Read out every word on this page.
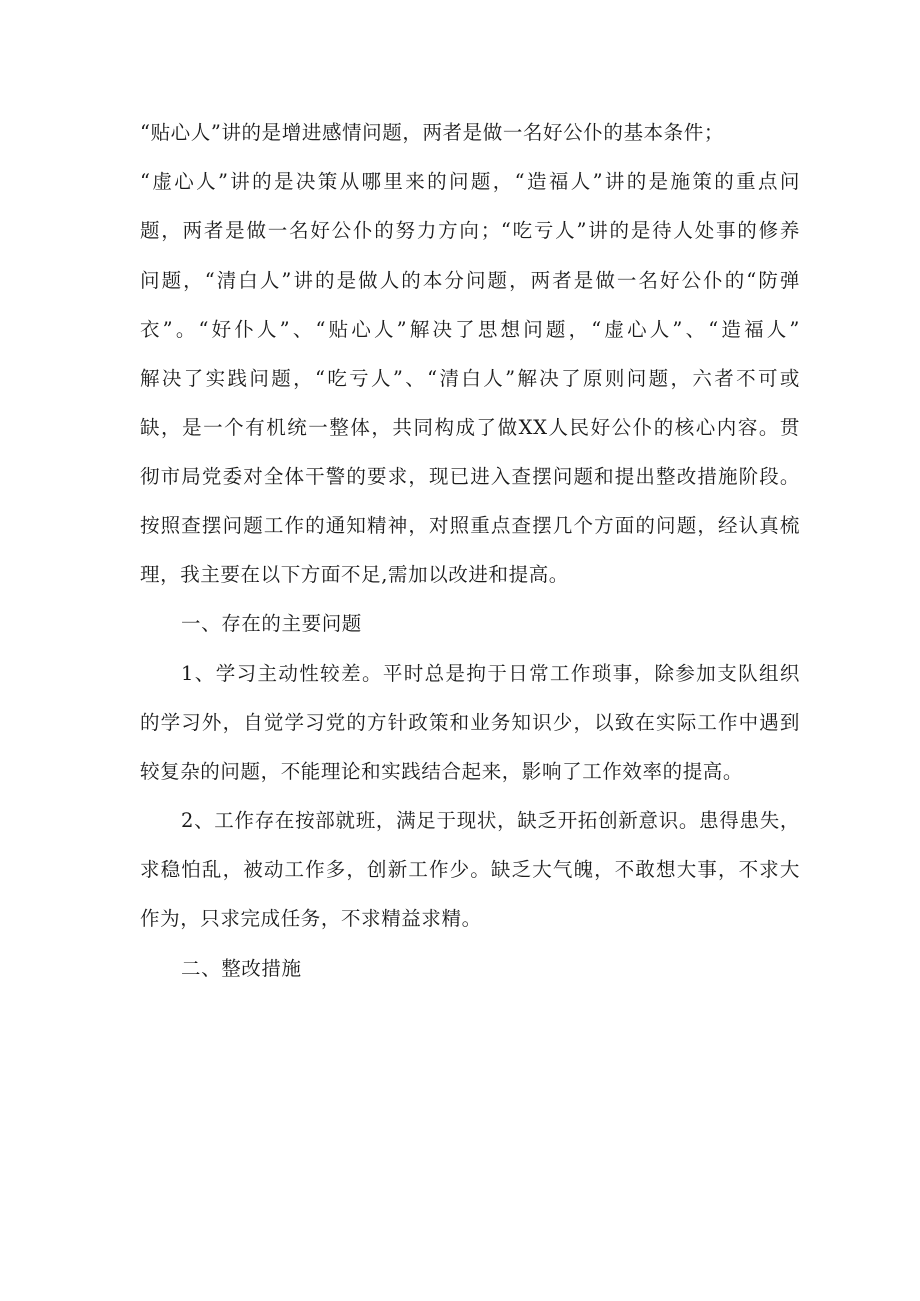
“贴心人”讲的是增进感情问题，两者是做一名好公仆的基本条件；
“虚心人”讲的是决策从哪里来的问题，“造福人”讲的是施策的重点问
题，两者是做一名好公仆的努力方向；“吃亏人”讲的是待人处事的修养
问题，“清白人”讲的是做人的本分问题，两者是做一名好公仆的“防弹
衣”。“好仆人”、“贴心人”解决了思想问题，“虚心人”、“造福人”
解决了实践问题，“吃亏人”、“清白人”解决了原则问题，六者不可或
缺，是一个有机统一整体，共同构成了做XX人民好公仆的核心内容。贯
彻市局党委对全体干警的要求，现已进入查摆问题和提出整改措施阶段。
按照查摆问题工作的通知精神，对照重点查摆几个方面的问题，经认真梳
理，我主要在以下方面不足,需加以改进和提高。
一、存在的主要问题
1、学习主动性较差。平时总是拘于日常工作琐事，除参加支队组织
的学习外，自觉学习党的方针政策和业务知识少，以致在实际工作中遇到
较复杂的问题，不能理论和实践结合起来，影响了工作效率的提高。
2、工作存在按部就班，满足于现状，缺乏开拓创新意识。患得患失，
求稳怕乱，被动工作多，创新工作少。缺乏大气魄，不敢想大事，不求大
作为，只求完成任务，不求精益求精。
二、整改措施
